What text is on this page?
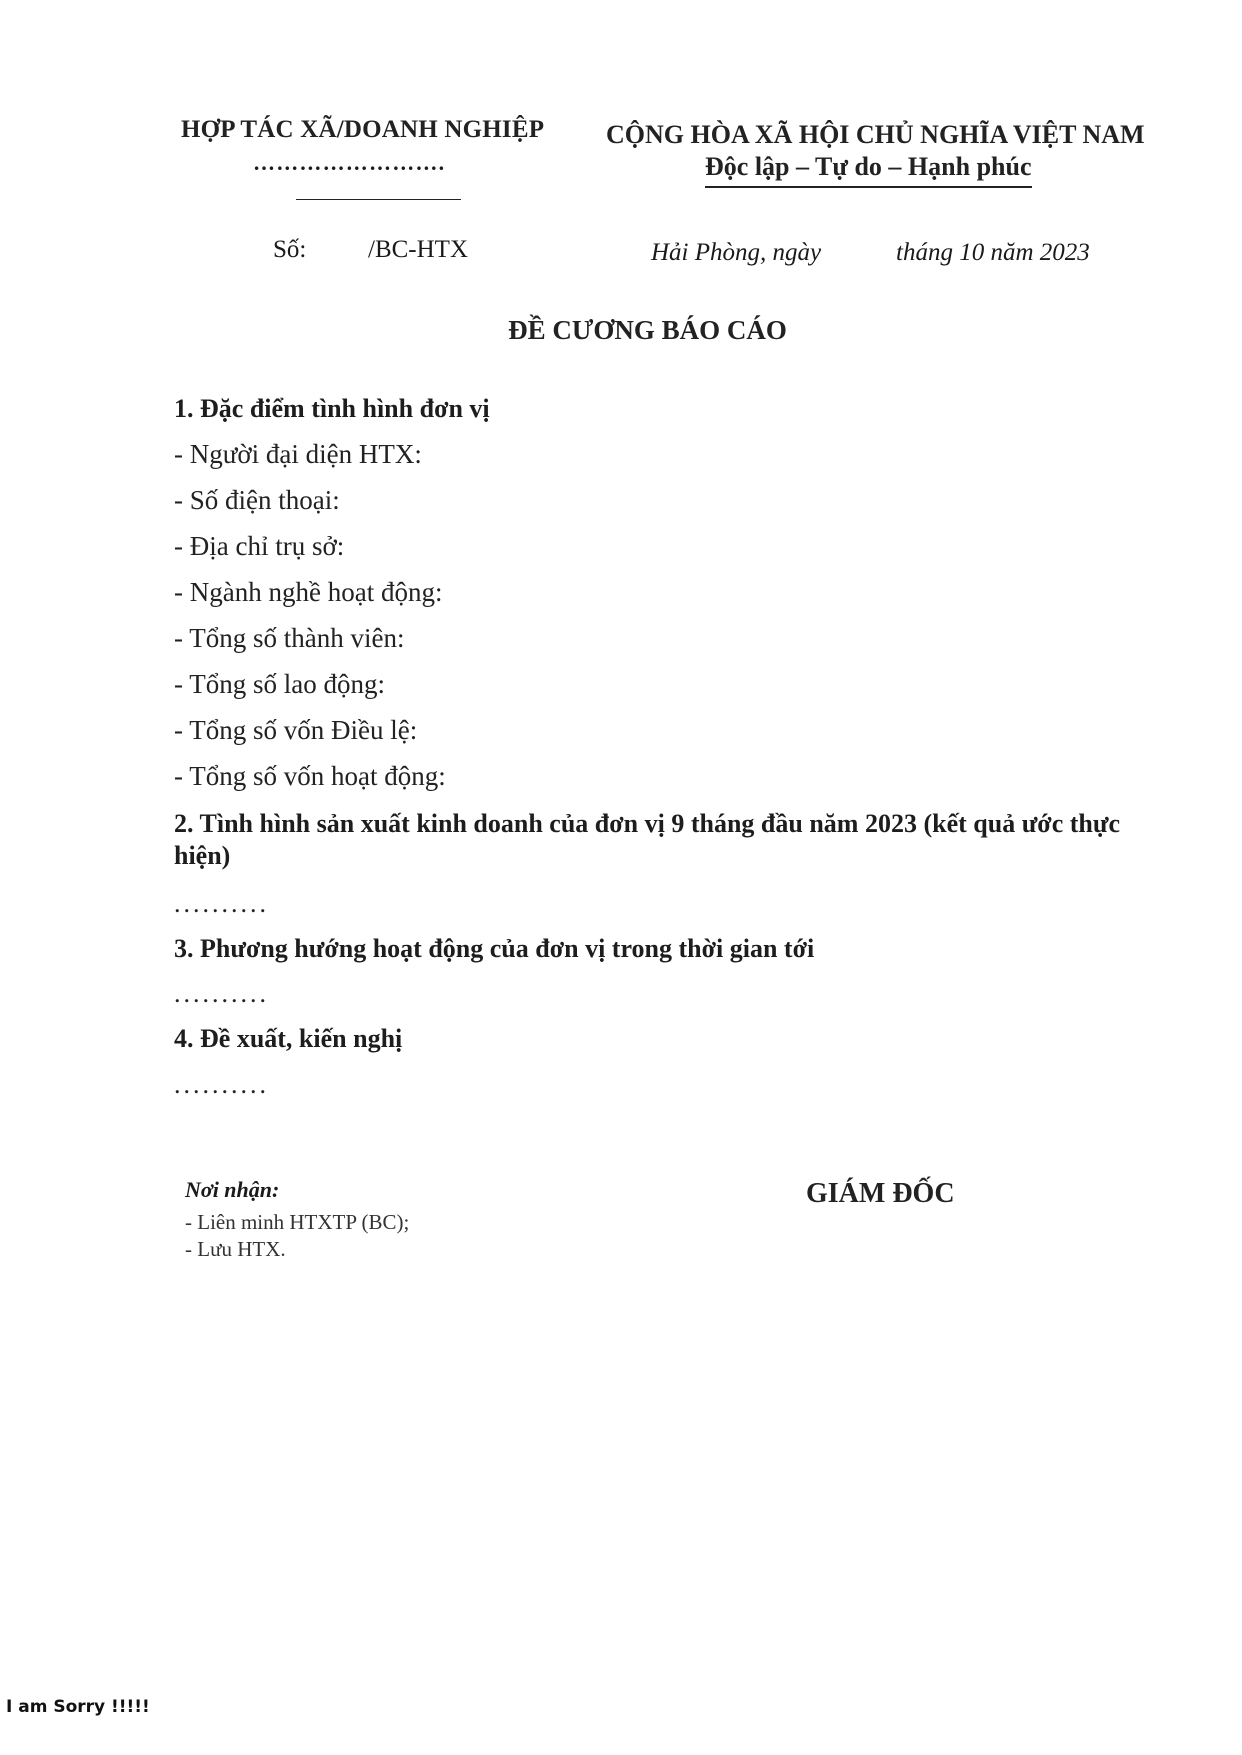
HỢP TÁC XÃ/DOANH NGHIỆP
…………………….
CỘNG HÒA XÃ HỘI CHỦ NGHĨA VIỆT NAM
Độc lập – Tự do – Hạnh phúc
Số: /BC-HTX	Hải Phòng, ngày	tháng 10 năm 2023
ĐỀ CƯƠNG BÁO CÁO
1. Đặc điểm tình hình đơn vị
- Người đại diện HTX:
- Số điện thoại:
- Địa chỉ trụ sở:
- Ngành nghề hoạt động:
- Tổng số thành viên:
- Tổng số lao động:
- Tổng số vốn Điều lệ:
- Tổng số vốn hoạt động:
2. Tình hình sản xuất kinh doanh của đơn vị 9 tháng đầu năm 2023 (kết quả ước thực hiện)
..........
3. Phương hướng hoạt động của đơn vị trong thời gian tới
..........
4. Đề xuất, kiến nghị
..........
Nơi nhận:
- Liên minh HTXTP (BC);
- Lưu HTX.
GIÁM ĐỐC
I am Sorry !!!!!
